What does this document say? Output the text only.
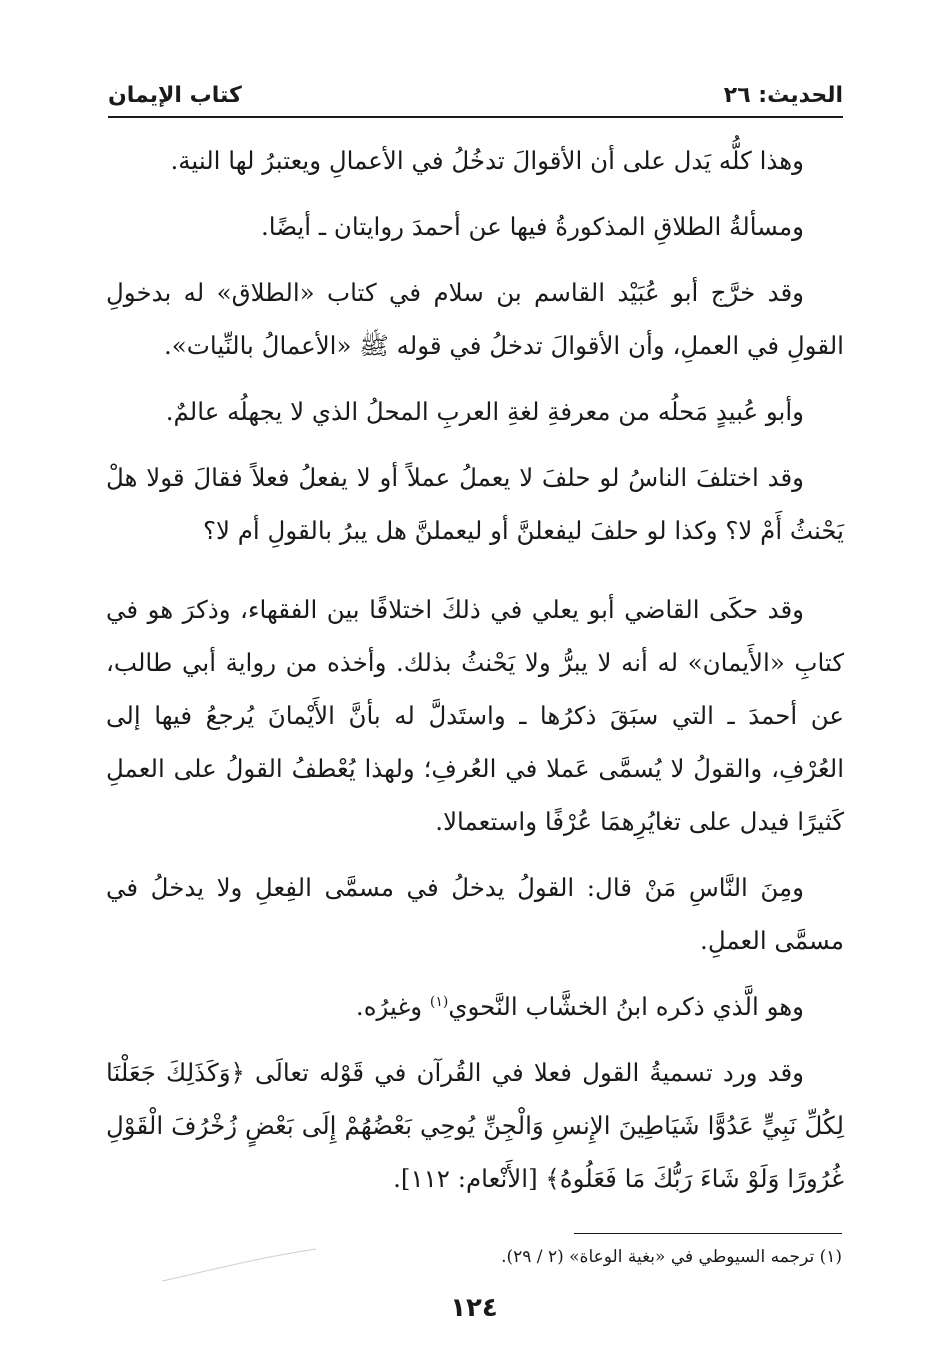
الحديث: ٢٦
كتاب الإيمان

وهذا كلُّه يَدل على أن الأقوالَ تدخُلُ في الأعمالِ ويعتبرُ لها النية.

ومسألةُ الطلاقِ المذكورةُ فيها عن أحمدَ روايتان ـ أيضًا.

وقد خرَّج أبو عُبَيْد القاسم بن سلام في كتاب «الطلاق» له بدخولِ القولِ في العملِ، وأن الأقوالَ تدخلُ في قوله ﷺ «الأعمالُ بالنِّيات».

وأبو عُبيدٍ مَحلُه من معرفةِ لغةِ العربِ المحلُ الذي لا يجهلُه عالمٌ.

وقد اختلفَ الناسُ لو حلفَ لا يعملُ عملاً أو لا يفعلُ فعلاً فقالَ قولا هلْ يَحْنثُ أَمْ لا؟ وكذا لو حلفَ ليفعلنَّ أو ليعملنَّ هل يبرُ بالقولِ أم لا؟

وقد حكَى القاضي أبو يعلي في ذلكَ اختلافًا بين الفقهاء، وذكرَ هو في كتابِ «الأَيمان» له أنه لا يبرُّ ولا يَحْنثُ بذلك. وأخذه من رواية أبي طالب، عن أحمدَ ـ التي سبَقَ ذكرُها ـ واستَدلَّ له بأنَّ الأَيْمانَ يُرجعُ فيها إلى العُرْفِ، والقولُ لا يُسمَّى عَملا في العُرفِ؛ ولهذا يُعْطفُ القولُ على العملِ كَثيرًا فيدل على تغايُرِهمَا عُرْفًا واستعمالا.

ومِنَ النَّاسِ مَنْ قال: القولُ يدخلُ في مسمَّى الفِعلِ ولا يدخلُ في مسمَّى العملِ.

وهو الَّذي ذكره ابنُ الخشَّاب النَّحوي$^{(١)}$ وغيرُه.

وقد ورد تسميةُ القول فعلا في القُرآن في قَوْله تعالَى ﴿وَكَذَلِكَ جَعَلْنَا لِكُلِّ نَبِيٍّ عَدُوًّا شَيَاطِينَ الإِنسِ وَالْجِنِّ يُوحِي بَعْضُهُمْ إِلَى بَعْضٍ زُخْرُفَ الْقَوْلِ غُرُورًا وَلَوْ شَاءَ رَبُّكَ مَا فَعَلُوهُ﴾ [الأَنْعام: ١١٢].

(١) ترجمه السيوطي في «بغية الوعاة» (٢ / ٢٩).
١٢٤
